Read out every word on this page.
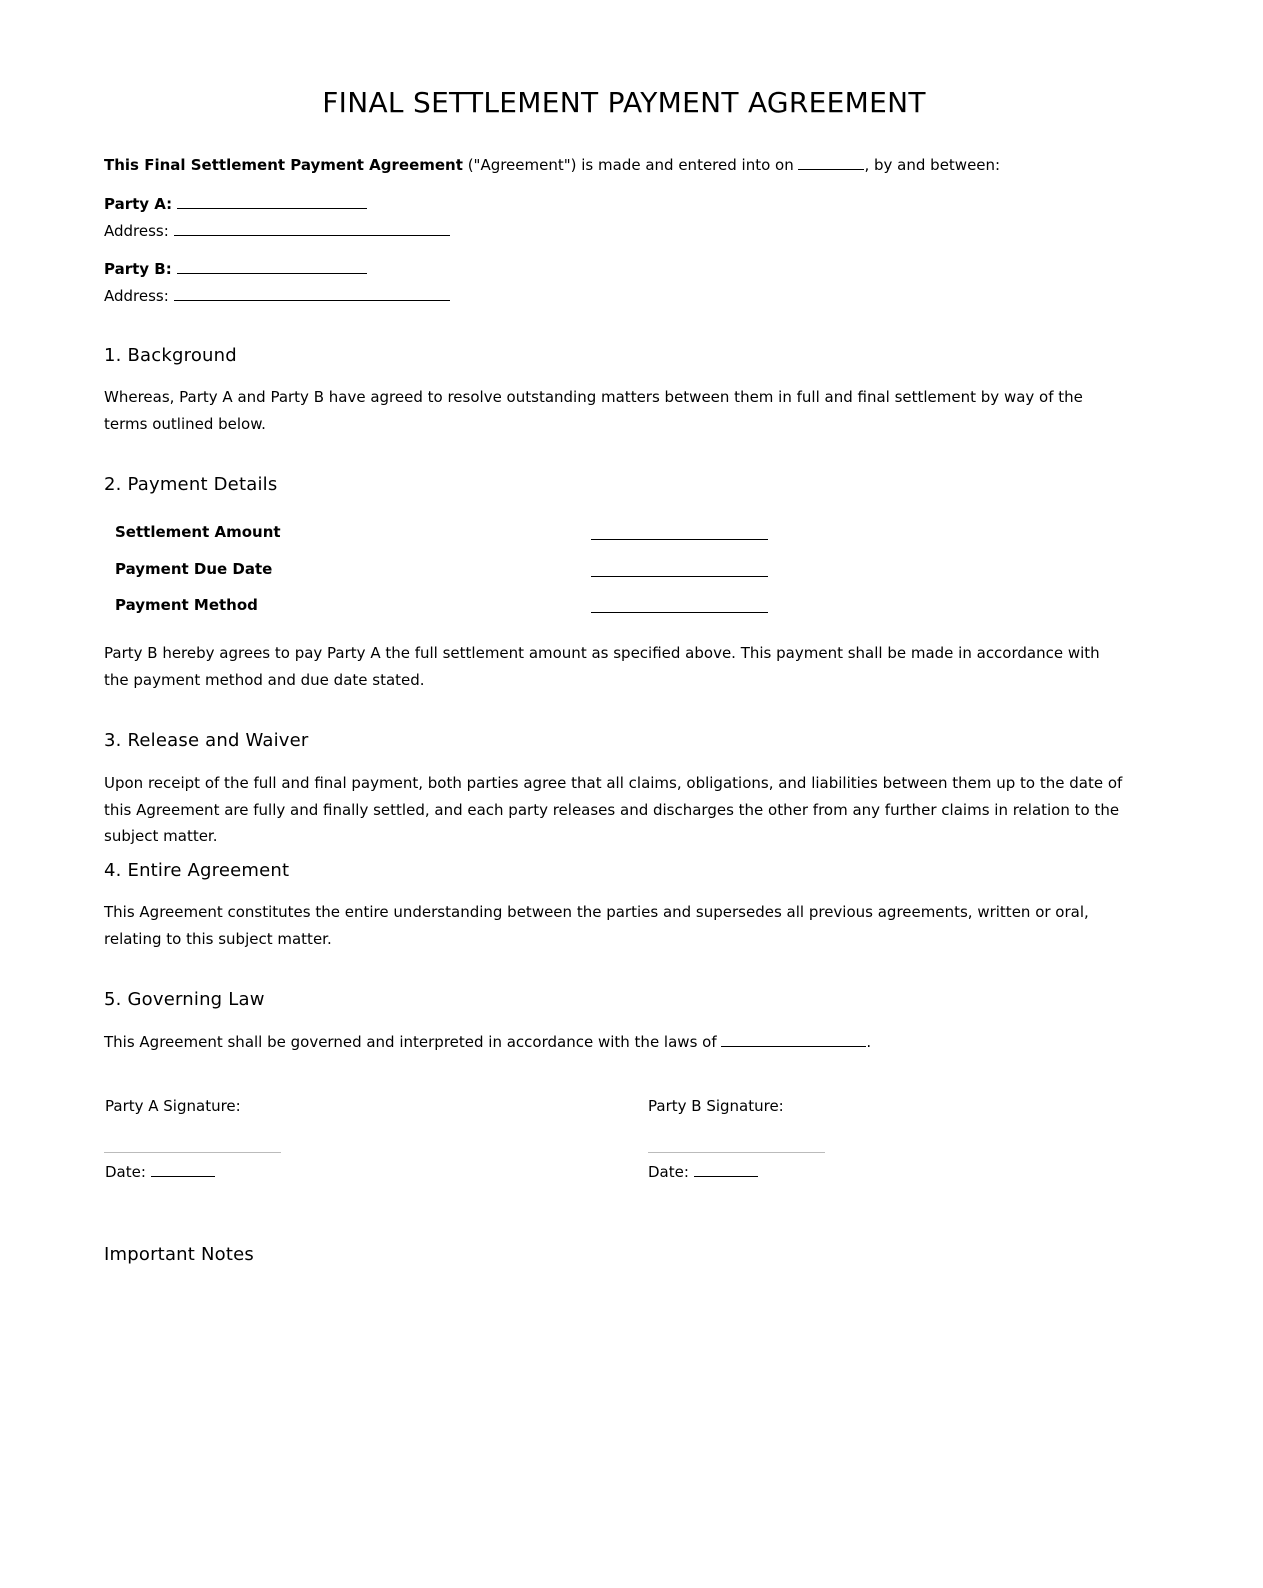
FINAL SETTLEMENT PAYMENT AGREEMENT

This Final Settlement Payment Agreement ("Agreement") is made and entered into on	, by and between:

Party A:

Address:

Party B:

Address:

1. Background

Whereas, Party A and Party B have agreed to resolve outstanding matters between them in full and final settlement by way of the terms outlined below.

2. Payment Details
Settlement Amount
Payment Due Date
Payment Method

Party B hereby agrees to pay Party A the full settlement amount as specified above. This payment shall be made in accordance with the payment method and due date stated.

3. Release and Waiver

Upon receipt of the full and final payment, both parties agree that all claims, obligations, and liabilities between them up to the date of this Agreement are fully and finally settled, and each party releases and discharges the other from any further claims in relation to the subject matter.

4. Entire Agreement

This Agreement constitutes the entire understanding between the parties and supersedes all previous agreements, written or oral, relating to this subject matter.

5. Governing Law

This Agreement shall be governed and interpreted in accordance with the laws of	.

Party A Signature:
Date:
Party B Signature:
Date:
Important Notes
